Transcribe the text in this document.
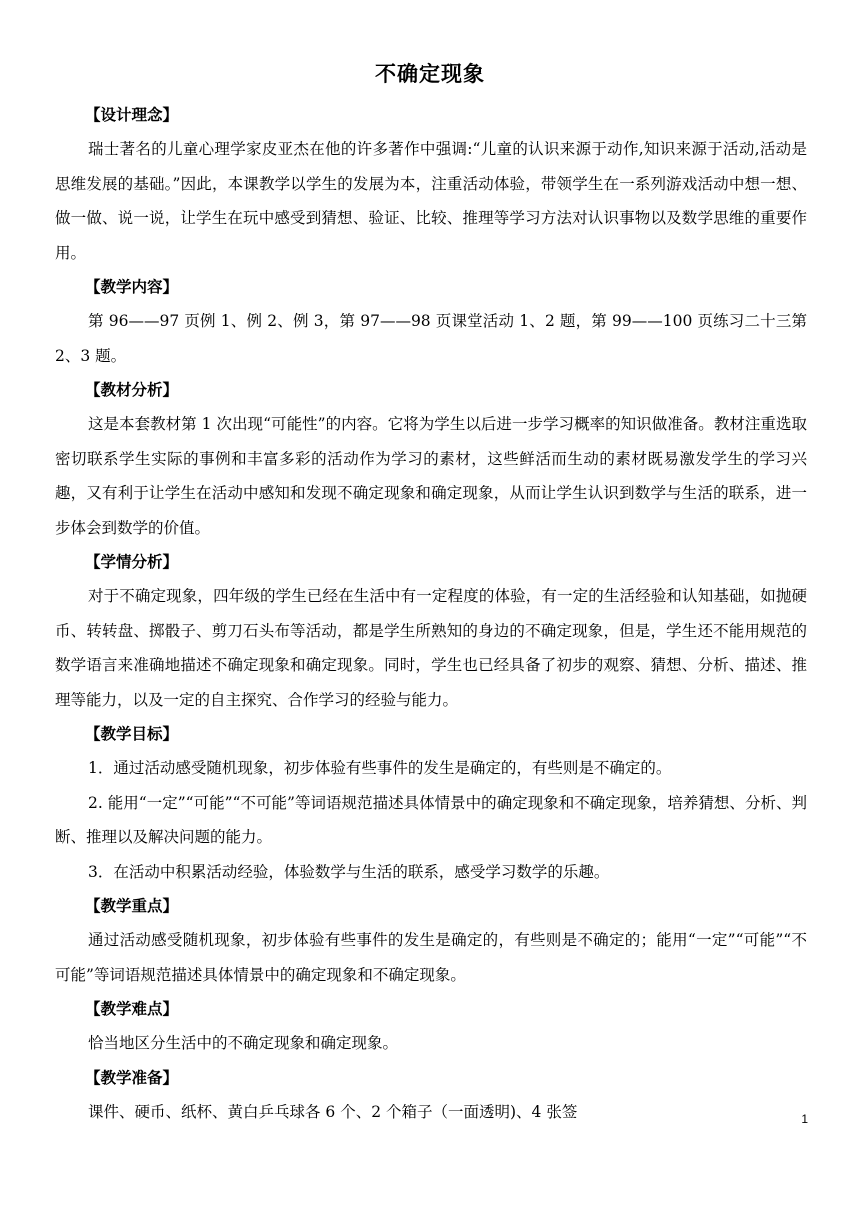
不确定现象
【设计理念】

瑞士著名的儿童心理学家皮亚杰在他的许多著作中强调:“儿童的认识来源于动作,知识来源于活动,活动是思维发展的基础。”因此，本课教学以学生的发展为本，注重活动体验，带领学生在一系列游戏活动中想一想、做一做、说一说，让学生在玩中感受到猜想、验证、比较、推理等学习方法对认识事物以及数学思维的重要作用。

【教学内容】

第 96——97 页例 1、例 2、例 3，第 97——98 页课堂活动 1、2 题，第 99——100 页练习二十三第 2、3 题。

【教材分析】

这是本套教材第 1 次出现“可能性”的内容。它将为学生以后进一步学习概率的知识做准备。教材注重选取密切联系学生实际的事例和丰富多彩的活动作为学习的素材，这些鲜活而生动的素材既易激发学生的学习兴趣，又有利于让学生在活动中感知和发现不确定现象和确定现象，从而让学生认识到数学与生活的联系，进一步体会到数学的价值。

【学情分析】

对于不确定现象，四年级的学生已经在生活中有一定程度的体验，有一定的生活经验和认知基础，如抛硬币、转转盘、掷骰子、剪刀石头布等活动，都是学生所熟知的身边的不确定现象，但是，学生还不能用规范的数学语言来准确地描述不确定现象和确定现象。同时，学生也已经具备了初步的观察、猜想、分析、描述、推理等能力，以及一定的自主探究、合作学习的经验与能力。

【教学目标】

1．通过活动感受随机现象，初步体验有些事件的发生是确定的，有些则是不确定的。

2. 能用“一定”“可能”“不可能”等词语规范描述具体情景中的确定现象和不确定现象，培养猜想、分析、判断、推理以及解决问题的能力。

3．在活动中积累活动经验，体验数学与生活的联系，感受学习数学的乐趣。

【教学重点】

通过活动感受随机现象，初步体验有些事件的发生是确定的，有些则是不确定的；能用“一定”“可能”“不可能”等词语规范描述具体情景中的确定现象和不确定现象。

【教学难点】

恰当地区分生活中的不确定现象和确定现象。

【教学准备】

课件、硬币、纸杯、黄白乒乓球各 6 个、2 个箱子（一面透明)、4 张签	1
